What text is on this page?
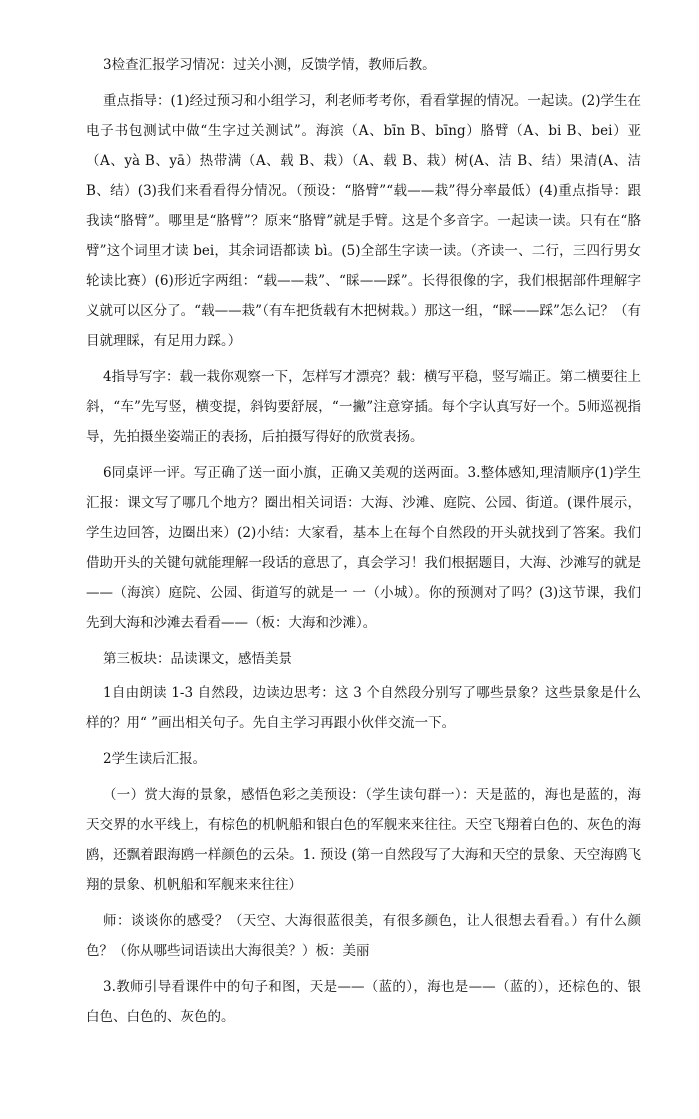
3检查汇报学习情况：过关小测，反馈学情，教师后教。

重点指导：(1)经过预习和小组学习，利老师考考你，看看掌握的情况。一起读。(2)学生在电子书包测试中做“生字过关测试”。海滨（A、bīn B、bīng）胳臂（A、bi B、bei）亚（A、yà B、yā）热带满（A、载 B、栽）（A、载 B、栽）树(A、洁 B、结）果清(A、洁 B、结）(3)我们来看看得分情况。（预设：“胳臂”“载——栽”得分率最低）(4)重点指导：跟我读“胳臂”。哪里是“胳臂”？原来“胳臂”就是手臂。这是个多音字。一起读一读。只有在“胳臂”这个词里才读 bei，其余词语都读 bì。(5)全部生字读一读。（齐读一、二行，三四行男女轮读比赛）(6)形近字两组：“载——栽”、“睬——踩”。长得很像的字，我们根据部件理解字义就可以区分了。“载——栽”（有车把货载有木把树栽。）那这一组，“睬——踩”怎么记？（有目就理睬，有足用力踩。）

4指导写字：载一栽你观察一下，怎样写才漂亮？载：横写平稳，竖写端正。第二横要往上斜，“车”先写竖，横变提，斜钩要舒展，“一撇”注意穿插。每个字认真写好一个。5师巡视指导，先拍摄坐姿端正的表扬，后拍摄写得好的欣赏表扬。

6同桌评一评。写正确了送一面小旗，正确又美观的送两面。3.整体感知,理清顺序(1)学生汇报：课文写了哪几个地方？圈出相关词语：大海、沙滩、庭院、公园、街道。(课件展示，学生边回答，边圈出来）(2)小结：大家看，基本上在每个自然段的开头就找到了答案。我们借助开头的关键句就能理解一段话的意思了，真会学习！我们根据题目，大海、沙滩写的就是——（海滨）庭院、公园、街道写的就是一 一（小城）。你的预测对了吗？(3)这节课，我们先到大海和沙滩去看看——（板：大海和沙滩）。

第三板块：品读课文，感悟美景

1自由朗读 1-3 自然段，边读边思考：这 3 个自然段分别写了哪些景象？这些景象是什么样的？用“ ”画出相关句子。先自主学习再跟小伙伴交流一下。

2学生读后汇报。

（一）赏大海的景象，感悟色彩之美预设：（学生读句群一）：天是蓝的，海也是蓝的，海天交界的水平线上，有棕色的机帆船和银白色的军舰来来往往。天空飞翔着白色的、灰色的海鸥，还飘着跟海鸥一样颜色的云朵。1. 预设 (第一自然段写了大海和天空的景象、天空海鸥飞翔的景象、机帆船和军舰来来往往）

师：谈谈你的感受？（天空、大海很蓝很美，有很多颜色，让人很想去看看。）有什么颜色？（你从哪些词语读出大海很美？）板：美丽

3.教师引导看课件中的句子和图，天是——（蓝的），海也是——（蓝的），还棕色的、银白色、白色的、灰色的。
